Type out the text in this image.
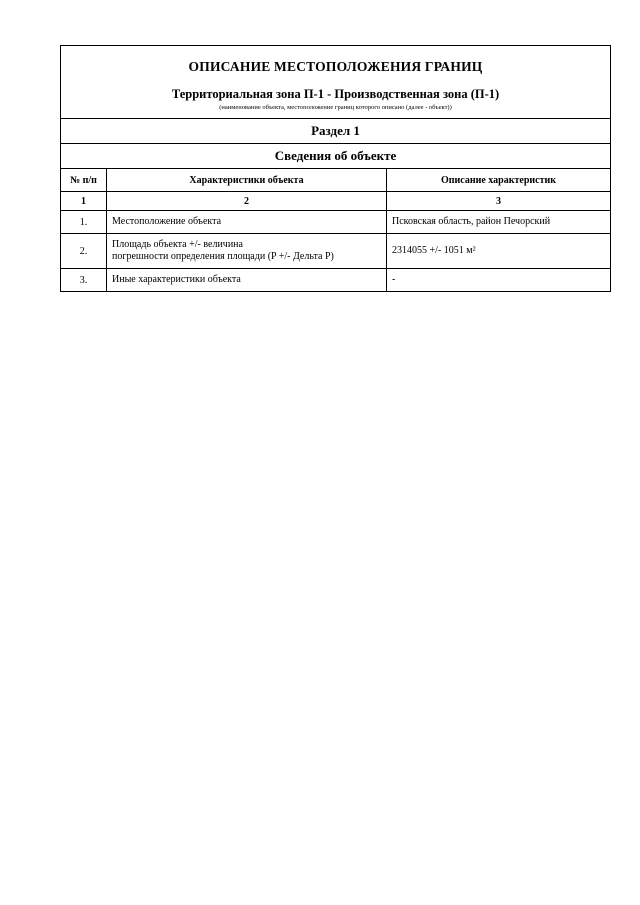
ОПИСАНИЕ МЕСТОПОЛОЖЕНИЯ ГРАНИЦ
Территориальная зона П-1 - Производственная зона (П-1)
(наименование объекта, местоположение границ которого описано (далее - объект))		

Раздел 1		
Сведения об объекте		
№ п/п	Характеристики объекта	Описание характеристик
1	2	3
1.	Местоположение объекта	Псковская область, район Печорский
2.	Площадь объекта +/- величина
погрешности определения площади (P +/- Дельта P)	2314055 +/- 1051 м²
3.	Иные характеристики объекта	-
